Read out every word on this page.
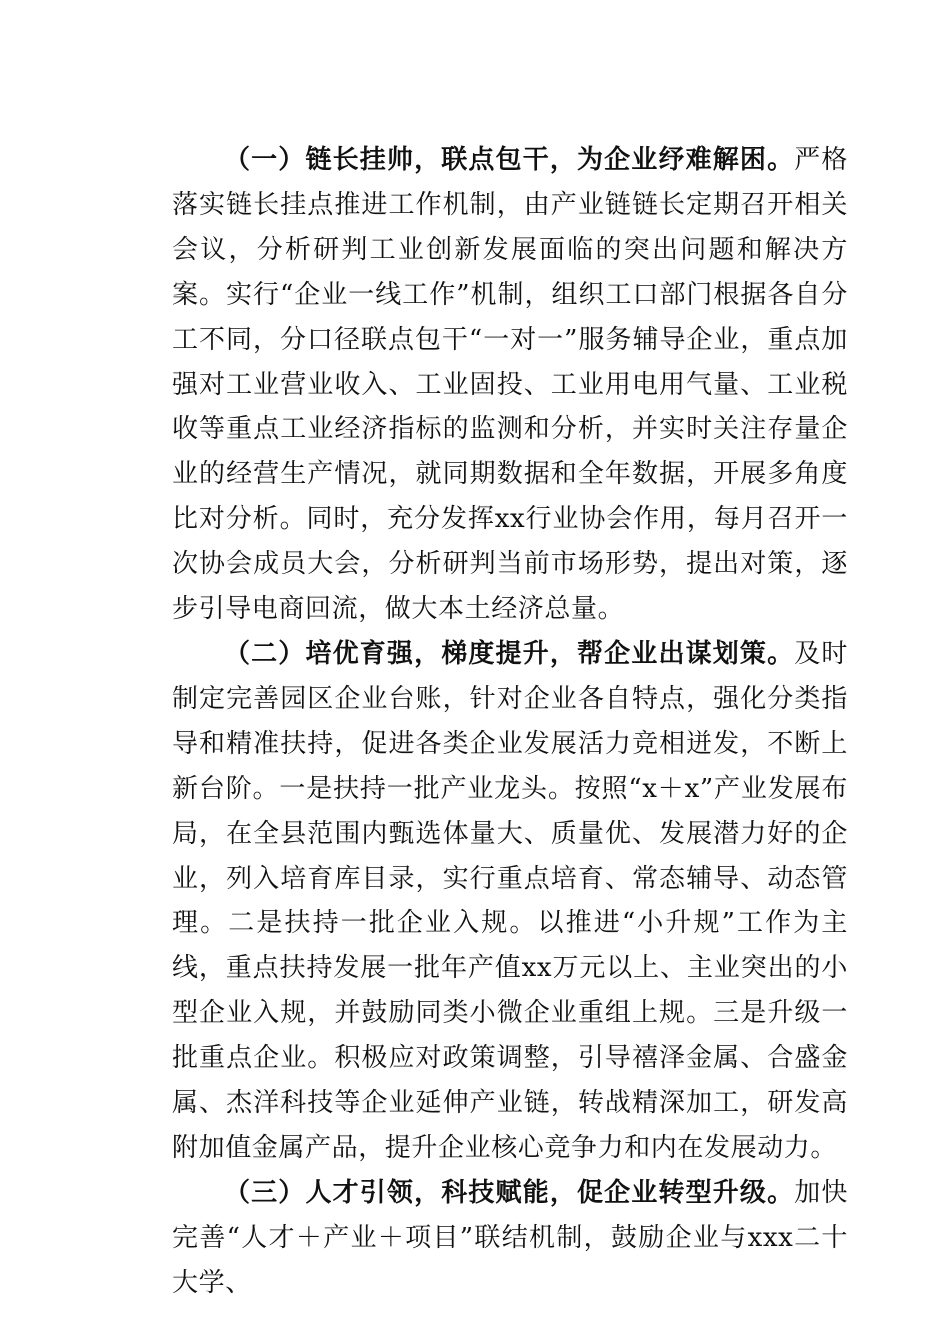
（一）链长挂帅，联点包干，为企业纾难解困。严格落实链长挂点推进工作机制，由产业链链长定期召开相关会议，分析研判工业创新发展面临的突出问题和解决方案。实行“企业一线工作”机制，组织工口部门根据各自分工不同，分口径联点包干“一对一”服务辅导企业，重点加强对工业营业收入、工业固投、工业用电用气量、工业税收等重点工业经济指标的监测和分析，并实时关注存量企业的经营生产情况，就同期数据和全年数据，开展多角度比对分析。同时，充分发挥xx行业协会作用，每月召开一次协会成员大会，分析研判当前市场形势，提出对策，逐步引导电商回流，做大本土经济总量。

（二）培优育强，梯度提升，帮企业出谋划策。及时制定完善园区企业台账，针对企业各自特点，强化分类指导和精准扶持，促进各类企业发展活力竞相迸发，不断上新台阶。一是扶持一批产业龙头。按照“x＋x”产业发展布局，在全县范围内甄选体量大、质量优、发展潜力好的企业，列入培育库目录，实行重点培育、常态辅导、动态管理。二是扶持一批企业入规。以推进“小升规”工作为主线，重点扶持发展一批年产值xx万元以上、主业突出的小型企业入规，并鼓励同类小微企业重组上规。三是升级一批重点企业。积极应对政策调整，引导禧泽金属、合盛金属、杰洋科技等企业延伸产业链，转战精深加工，研发高附加值金属产品，提升企业核心竞争力和内在发展动力。

（三）人才引领，科技赋能，促企业转型升级。加快完善“人才＋产业＋项目”联结机制，鼓励企业与xxx二十大学、
